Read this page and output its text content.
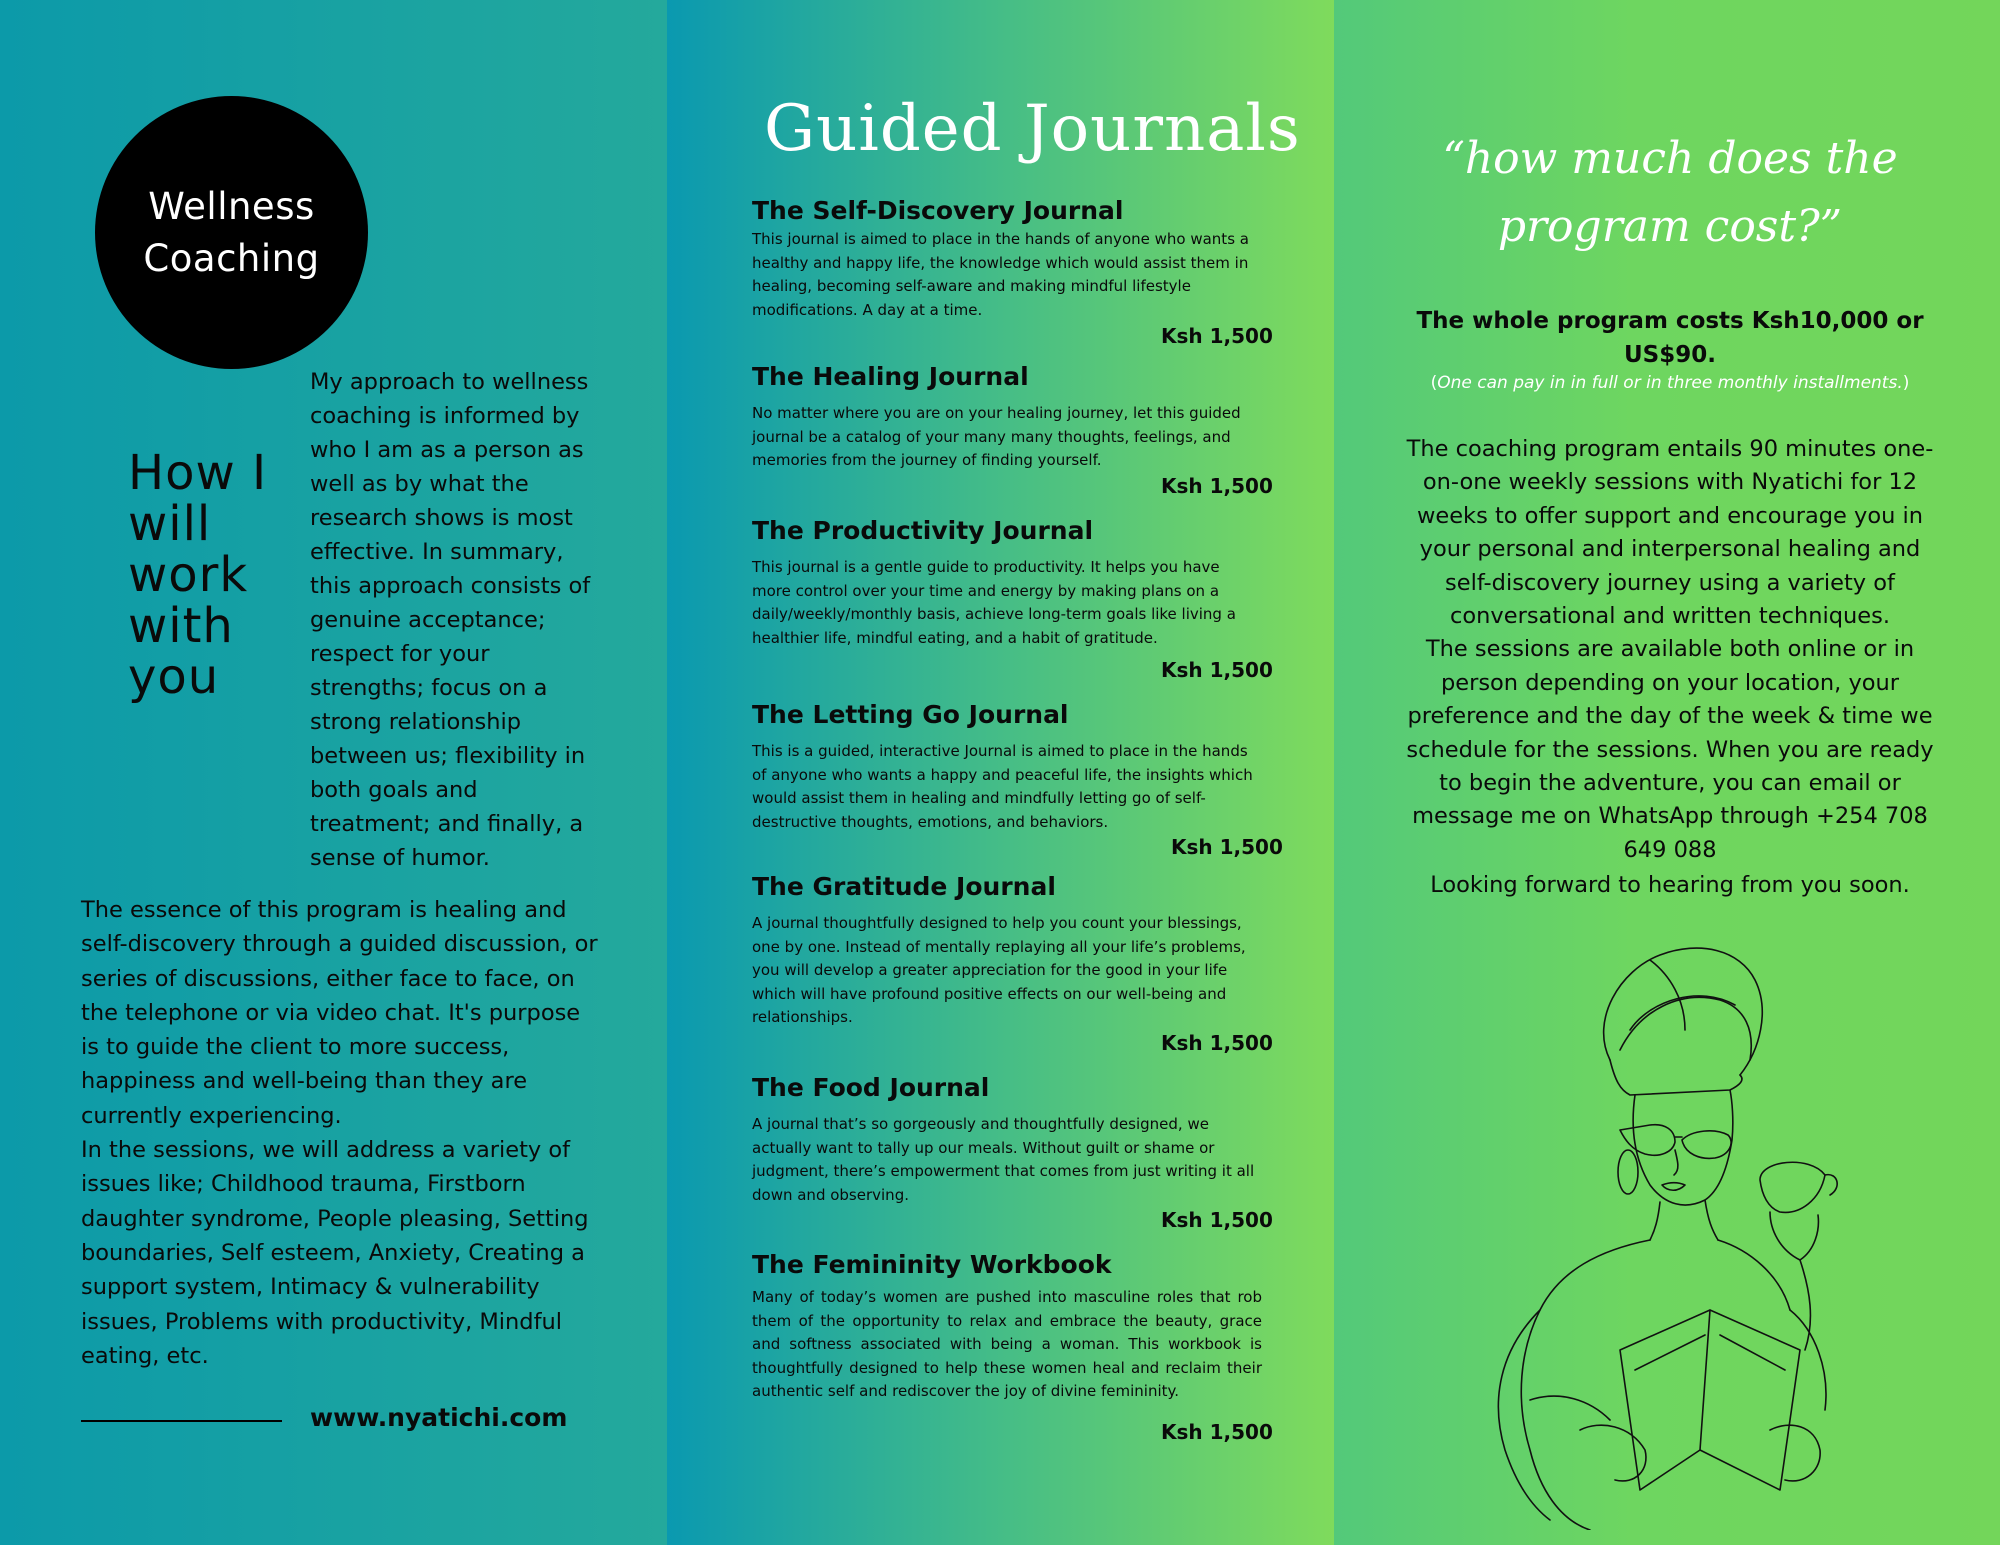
Wellness
Coaching
How I
will
work
with
you
My approach to wellness coaching is informed by who I am as a person as well as by what the research shows is most effective. In summary, this approach consists of genuine acceptance; respect for your strengths; focus on a strong relationship between us; flexibility in both goals and treatment; and finally, a sense of humor.

The essence of this program is healing and self-discovery through a guided discussion, or series of discussions, either face to face, on the telephone or via video chat. It's purpose is to guide the client to more success, happiness and well-being than they are currently experiencing.

In the sessions, we will address a variety of issues like; Childhood trauma, Firstborn daughter syndrome, People pleasing, Setting boundaries, Self esteem, Anxiety, Creating a support system, Intimacy & vulnerability issues, Problems with productivity, Mindful eating, etc.

www.nyatichi.com
Guided Journals
The Self-Discovery Journal

This journal is aimed to place in the hands of anyone who wants a healthy and happy life, the knowledge which would assist them in healing, becoming self-aware and making mindful lifestyle modifications. A day at a time.

Ksh 1,500
The Healing Journal

No matter where you are on your healing journey, let this guided journal be a catalog of your many many thoughts, feelings, and memories from the journey of finding yourself.

Ksh 1,500
The Productivity Journal

This journal is a gentle guide to productivity. It helps you have more control over your time and energy by making plans on a daily/weekly/monthly basis, achieve long-term goals like living a healthier life, mindful eating, and a habit of gratitude.

Ksh 1,500
The Letting Go Journal

This is a guided, interactive Journal is aimed to place in the hands of anyone who wants a happy and peaceful life, the insights which would assist them in healing and mindfully letting go of self-destructive thoughts, emotions, and behaviors.

Ksh 1,500
The Gratitude Journal

A journal thoughtfully designed to help you count your blessings, one by one. Instead of mentally replaying all your life’s problems, you will develop a greater appreciation for the good in your life which will have profound positive effects on our well-being and relationships.

Ksh 1,500
The Food Journal

A journal that’s so gorgeously and thoughtfully designed, we actually want to tally up our meals. Without guilt or shame or judgment, there’s empowerment that comes from just writing it all down and observing.

Ksh 1,500
The Femininity Workbook

Many of today’s women are pushed into masculine roles that rob them of the opportunity to relax and embrace the beauty, grace and softness associated with being a woman. This workbook is thoughtfully designed to help these women heal and reclaim their authentic self and rediscover the joy of divine femininity.

Ksh 1,500
“how much does the program cost?”
The whole program costs Ksh10,000 or US$90.
(One can pay in in full or in three monthly installments.)
The coaching program entails 90 minutes one-on-one weekly sessions with Nyatichi for 12 weeks to offer support and encourage you in your personal and interpersonal healing and self-discovery journey using a variety of conversational and written techniques.
The sessions are available both online or in person depending on your location, your preference and the day of the week & time we schedule for the sessions. When you are ready to begin the adventure, you can email or message me on WhatsApp through +254 708 649 088
Looking forward to hearing from you soon.
